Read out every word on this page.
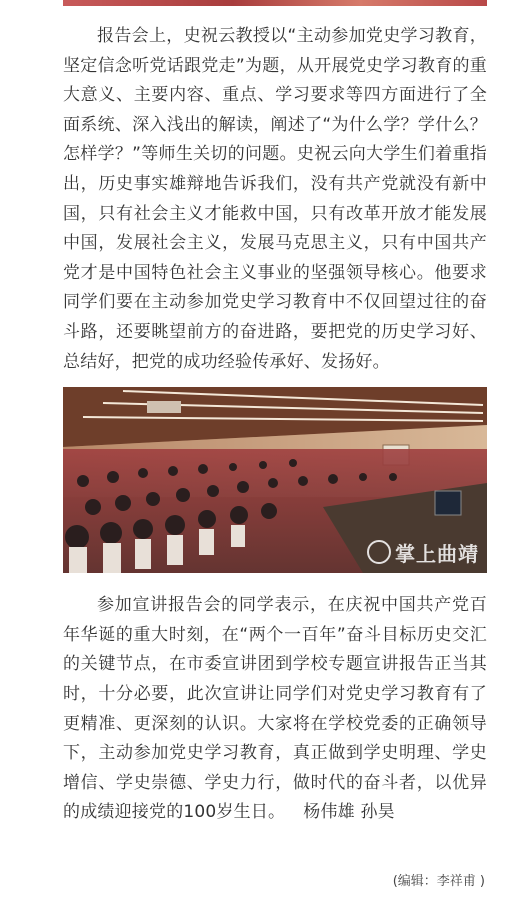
报告会上，史祝云教授以“主动参加党史学习教育，坚定信念听党话跟党走”为题，从开展党史学习教育的重大意义、主要内容、重点、学习要求等四方面进行了全面系统、深入浅出的解读，阐述了“为什么学？学什么？怎样学？”等师生关切的问题。史祝云向大学生们着重指出，历史事实雄辩地告诉我们，没有共产党就没有新中国，只有社会主义才能救中国，只有改革开放才能发展中国，发展社会主义，发展马克思主义，只有中国共产党才是中国特色社会主义事业的坚强领导核心。他要求同学们要在主动参加党史学习教育中不仅回望过往的奋斗路，还要眺望前方的奋进路，要把党的历史学习好、总结好，把党的成功经验传承好、发扬好。

掌上曲靖

参加宣讲报告会的同学表示，在庆祝中国共产党百年华诞的重大时刻，在“两个一百年”奋斗目标历史交汇的关键节点，在市委宣讲团到学校专题宣讲报告正当其时，十分必要，此次宣讲让同学们对党史学习教育有了更精准、更深刻的认识。大家将在学校党委的正确领导下，主动参加党史学习教育，真正做到学史明理、学史增信、学史崇德、学史力行，做时代的奋斗者，以优异的成绩迎接党的100岁生日。 杨伟雄 孙昊

(编辑：李祥甫 )
